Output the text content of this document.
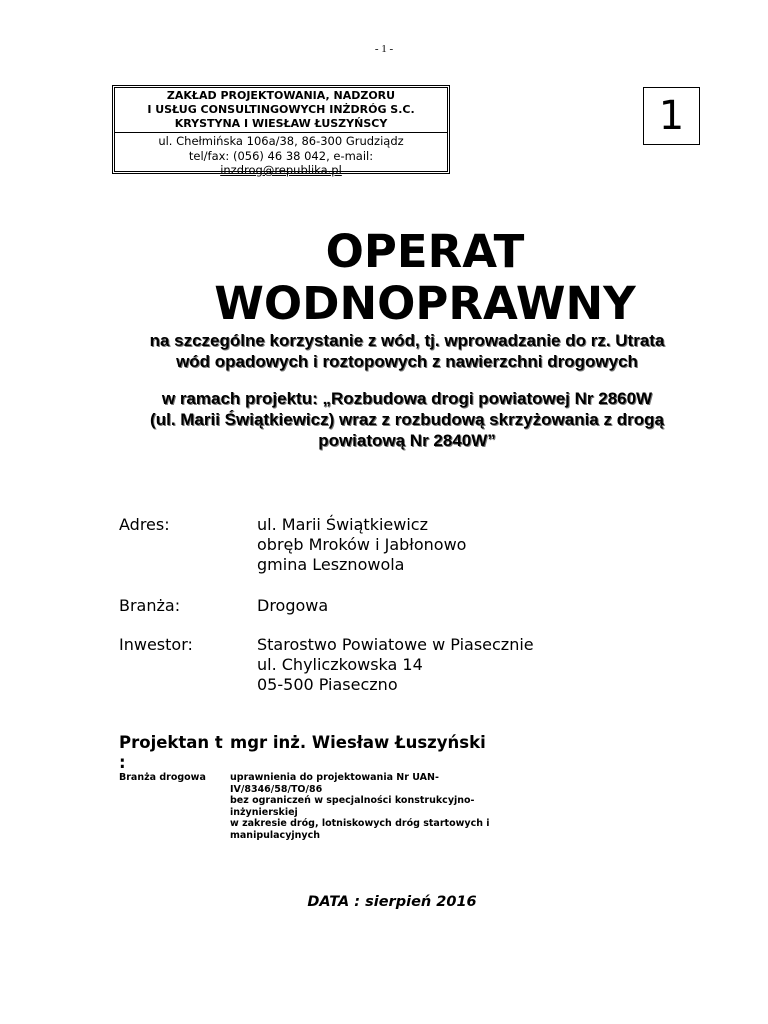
- 1 -
ZAKŁAD PROJEKTOWANIA, NADZORU
I USŁUG CONSULTINGOWYCH INŻDRÓG S.C.
KRYSTYNA I WIESŁAW ŁUSZYŃSCY
ul. Chełmińska 106a/38, 86-300 Grudziądz
tel/fax: (056) 46 38 042, e-mail:
inzdrog@republika.pl
1
OPERAT
WODNOPRAWNY
na szczególne korzystanie z wód, tj. wprowadzanie do rz. Utrata
wód opadowych i roztopowych z nawierzchni drogowych
w ramach projektu: „Rozbudowa drogi powiatowej Nr 2860W
(ul. Marii Świątkiewicz) wraz z rozbudową skrzyżowania z drogą
powiatową Nr 2840W”
Adres:	ul. Marii Świątkiewicz
obręb Mroków i Jabłonowo
gmina Lesznowola
Branża:	Drogowa
Inwestor:	Starostwo Powiatowe w Piasecznie
ul. Chyliczkowska 14
05-500 Piaseczno
Projektan t :
mgr inż. Wiesław Łuszyński
Branża drogowa	uprawnienia do projektowania Nr UAN-
IV/8346/58/TO/86
bez ograniczeń w specjalności konstrukcyjno-
inżynierskiej
w zakresie dróg, lotniskowych dróg startowych i
manipulacyjnych
DATA : sierpień 2016
